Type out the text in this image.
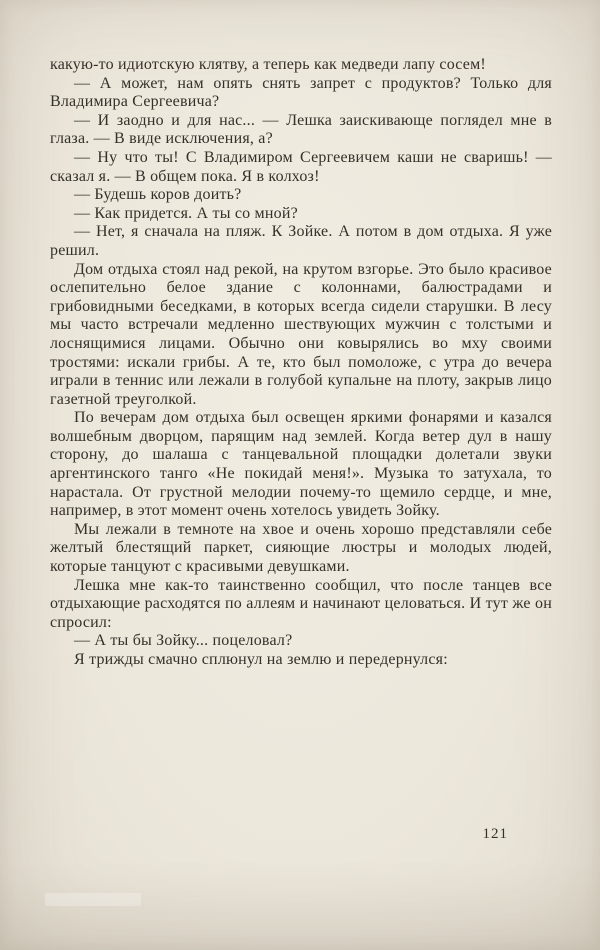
какую-то идиотскую клятву, а теперь как медведи лапу сосем!

— А может, нам опять снять запрет с продуктов? Только для Владимира Сергеевича?

— И заодно и для нас... — Лешка заискивающе поглядел мне в глаза. — В виде исключения, а?

— Ну что ты! С Владимиром Сергеевичем каши не сваришь! — сказал я. — В общем пока. Я в колхоз!

— Будешь коров доить?

— Как придется. А ты со мной?

— Нет, я сначала на пляж. К Зойке. А потом в дом отдыха. Я уже решил.

Дом отдыха стоял над рекой, на крутом взгорье. Это было красивое ослепительно белое здание с колоннами, балюстрадами и грибовидными беседками, в которых всегда сидели старушки. В лесу мы часто встречали медленно шествующих мужчин с толстыми и лоснящимися лицами. Обычно они ковырялись во мху своими тростями: искали грибы. А те, кто был помоложе, с утра до вечера играли в теннис или лежали в голубой купальне на плоту, закрыв лицо газетной треуголкой.

По вечерам дом отдыха был освещен яркими фонарями и казался волшебным дворцом, парящим над землей. Когда ветер дул в нашу сторону, до шалаша с танцевальной площадки долетали звуки аргентинского танго «Не покидай меня!». Музыка то затухала, то нарастала. От грустной мелодии почему-то щемило сердце, и мне, например, в этот момент очень хотелось увидеть Зойку.

Мы лежали в темноте на хвое и очень хорошо представляли себе желтый блестящий паркет, сияющие люстры и молодых людей, которые танцуют с красивыми девушками.

Лешка мне как-то таинственно сообщил, что после танцев все отдыхающие расходятся по аллеям и начинают целоваться. И тут же он спросил:

— А ты бы Зойку... поцеловал?

Я трижды смачно сплюнул на землю и передернулся:

121
